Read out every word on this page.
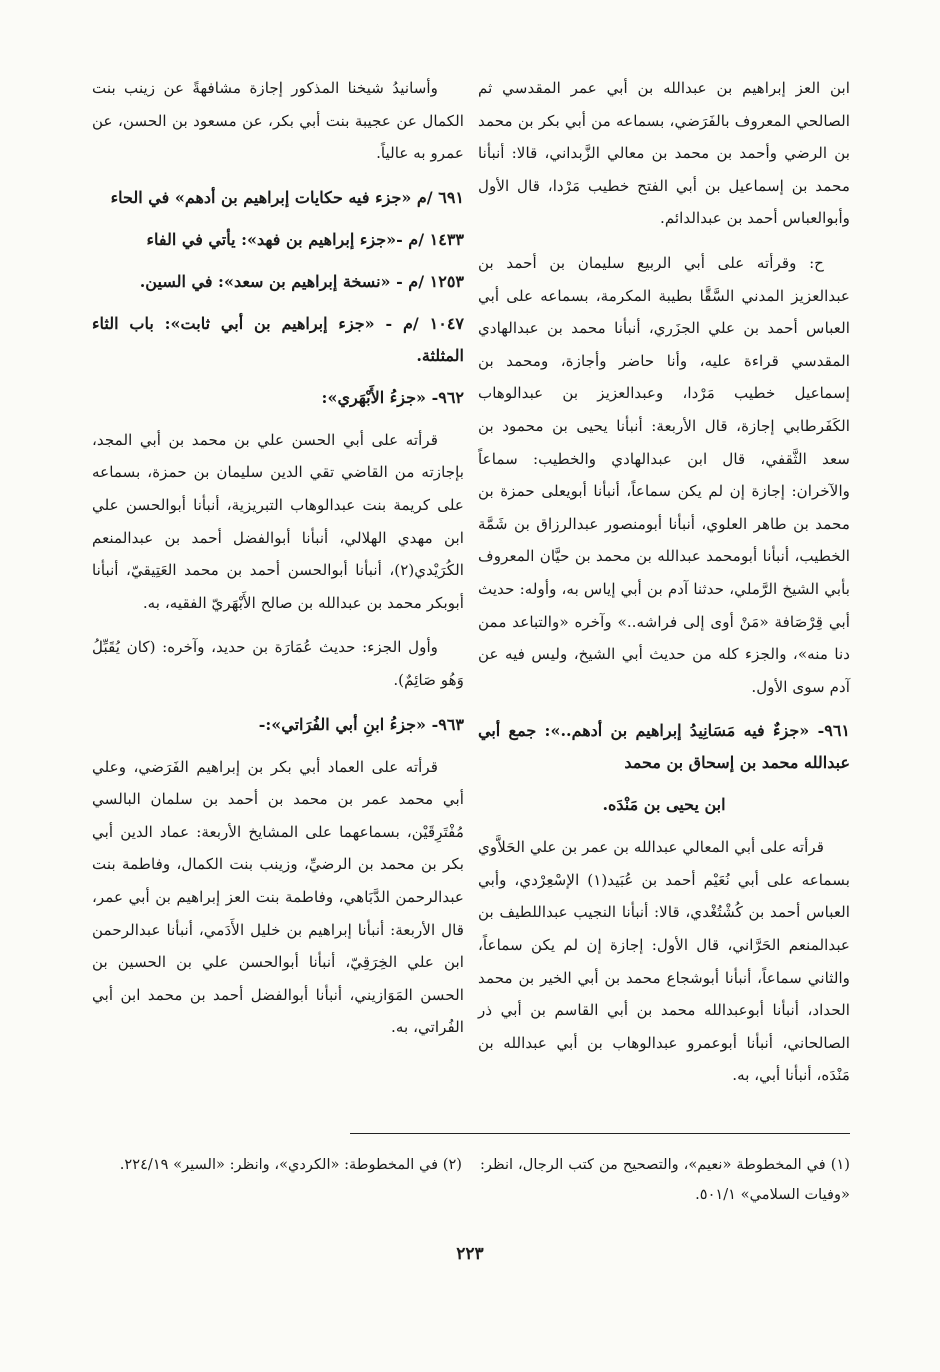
ابن العز إبراهيم بن عبدالله بن أبي عمر المقدسي ثم الصالحي المعروف بالفَرَضي، بسماعه من أبي بكر بن محمد بن الرضي وأحمد بن محمد بن معالي الزَّبداني، قالا: أنبأنا محمد بن إسماعيل بن أبي الفتح خطيب مَرْدا، قال الأول وأبوالعباس أحمد بن عبدالدائم.

ح: وقرأته على أبي الربيع سليمان بن أحمد بن عبدالعزيز المدني السَّقَّا بطيبة المكرمة، بسماعه على أبي العباس أحمد بن علي الجزَري، أنبأنا محمد بن عبدالهادي المقدسي قراءة عليه، وأنا حاضر وأجازة، ومحمد بن إسماعيل خطيب مَرْدا، وعبدالعزيز بن عبدالوهاب الكَفَرطابي إجازة، قال الأربعة: أنبأنا يحيى بن محمود بن سعد الثَّقفي، قال ابن عبدالهادي والخطيب: سماعاً والآخران: إجازة إن لم يكن سماعاً، أنبأنا أبويعلى حمزة بن محمد بن طاهر العلوي، أنبأنا أبومنصور عبدالرزاق بن شَمَّة الخطيب، أنبأنا أبومحمد عبدالله بن محمد بن حيَّان المعروف بأبي الشيخ الرَّملي، حدثنا آدم بن أبي إياس به، وأوله: حديث أبي قِرْصَافة «مَنْ أوى إلى فراشه..» وآخره «والتباعد ممن دنا منه»، والجزء كله من حديث أبي الشيخ، وليس فيه عن آدم سوى الأول.

٩٦١- «جزءٌ فيه مَسَانِيدُ إبراهيم بن أدهم..»: جمع أبي عبدالله محمد بن إسحاق بن محمد
ابن يحيى بن مَنْدَه.

قرأته على أبي المعالي عبدالله بن عمر بن علي الحَلاَّوي بسماعه على أبي نُعَيْم أحمد بن عُبَيد(١) الإسْعِرْدي، وأبي العباس أحمد بن كُشْتُغْدي، قالا: أنبأنا النجيب عبداللطيف بن عبدالمنعم الحَرَّاني، قال الأول: إجازة إن لم يكن سماعاً، والثاني سماعاً، أنبأنا أبوشجاع محمد بن أبي الخير بن محمد الحداد، أنبأنا أبوعبدالله محمد بن أبي القاسم بن أبي ذر الصالحاني، أنبأنا أبوعمرو عبدالوهاب بن أبي عبدالله بن مَنْدَه، أنبأنا أبي، به.

وأسانيدُ شيخنا المذكور إجازة مشافهةً عن زينب بنت الكمال عن عجيبة بنت أبي بكر، عن مسعود بن الحسن، عن عمرو به عالياً.

٦٩١ /م «جزء فيه حكايات إبراهيم بن أدهم» في الحاء
١٤٣٣ /م -«جزء إبراهيم بن فهد»: يأتي في الفاء
١٢٥٣ /م - «نسخة إبراهيم بن سعد»: في السين.
١٠٤٧ /م - «جزء إبراهيم بن أبي ثابت»: باب الثاء المثلثة.
٩٦٢- «جزءُ الأَبْهَري»:

قرأته على أبي الحسن علي بن محمد بن أبي المجد، بإجازته من القاضي تقي الدين سليمان بن حمزة، بسماعه على كريمة بنت عبدالوهاب التبريزية، أنبأنا أبوالحسن علي ابن مهدي الهلالي، أنبأنا أبوالفضل أحمد بن عبدالمنعم الكُرَيْدي(٢)، أنبأنا أبوالحسن أحمد بن محمد العَتِيقيّ، أنبأنا أبوبكر محمد بن عبدالله بن صالح الأَبْهَريّ الفقيه، به.

وأول الجزء: حديث عُمَارَة بن حديد، وآخره: (كان يُقَبِّلُ وَهُو صَائِمٌ).

٩٦٣- «جزءُ ابنِ أبي الفُرَاتي»:-

قرأته على العماد أبي بكر بن إبراهيم الفَرَضي، وعلي أبي محمد عمر بن محمد بن أحمد بن سلمان البالسي مُفْتَرِقَيْن، بسماعهما على المشايخ الأربعة: عماد الدين أبي بكر بن محمد بن الرضيِّ، وزينب بنت الكمال، وفاطمة بنت عبدالرحمن الدَّبَاهي، وفاطمة بنت العز إبراهيم بن أبي عمر، قال الأربعة: أنبأنا إبراهيم بن خليل الأَدَمي، أنبأنا عبدالرحمن ابن علي الخِرَقِيّ، أنبأنا أبوالحسن علي بن الحسين بن الحسن المَوَازيني، أنبأنا أبوالفضل أحمد بن محمد ابن أبي الفُراتي، به.

(١) في المخطوطة «نعيم»، والتصحيح من كتب الرجال، انظر: «وفيات السلامي» ٥٠١/١.
(٢) في المخطوطة: «الكردي»، وانظر: «السير» ٢٢٤/١٩.
٢٢٣
